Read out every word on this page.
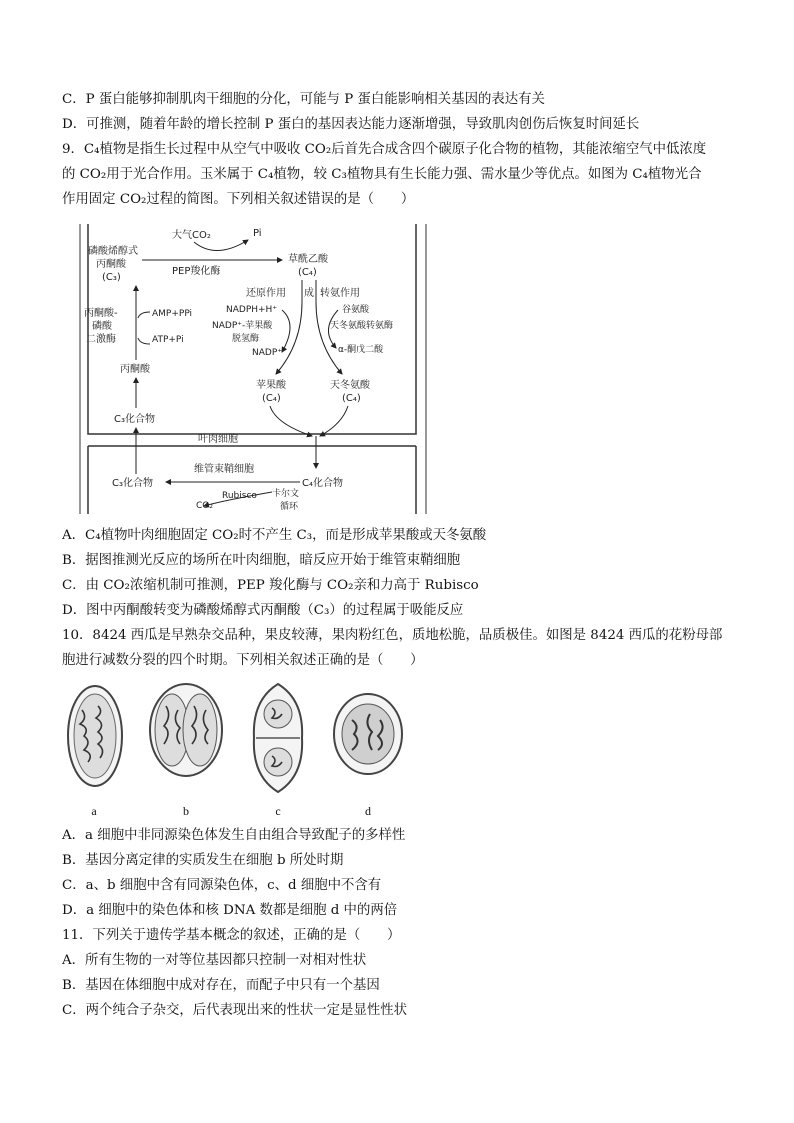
C．P 蛋白能够抑制肌肉干细胞的分化，可能与 P 蛋白能影响相关基因的表达有关
D．可推测，随着年龄的增长控制 P 蛋白的基因表达能力逐渐增强，导致肌肉创伤后恢复时间延长
9．C₄植物是指生长过程中从空气中吸收 CO₂后首先合成含四个碳原子化合物的植物，其能浓缩空气中低浓度
的 CO₂用于光合作用。玉米属于 C₄植物，较 C₃植物具有生长能力强、需水量少等优点。如图为 C₄植物光合
作用固定 CO₂过程的简图。下列相关叙述错误的是（　　）
大气CO₂	Pi
磷酸烯醇式
丙酮酸
(C₃)
PEP羧化酶
草酰乙酸
(C₄)
还原作用 成 转氨作用
NADPH+H⁺
NADP⁺-苹果酸
脱氢酶
NADP⁺
谷氨酸
天冬氨酸转氨酶
α-酮戊二酸
苹果酸
(C₄)
天冬氨酸
(C₄)
丙酮酸-
磷酸
二激酶
AMP+PPi
ATP+Pi
丙酮酸
C₃化合物
叶肉细胞
维管束鞘细胞
C₃化合物	C₄化合物
CO₂
Rubisco 卡尔文
循环
A．C₄植物叶肉细胞固定 CO₂时不产生 C₃，而是形成苹果酸或天冬氨酸
B．据图推测光反应的场所在叶肉细胞，暗反应开始于维管束鞘细胞
C．由 CO₂浓缩机制可推测，PEP 羧化酶与 CO₂亲和力高于 Rubisco
D．图中丙酮酸转变为磷酸烯醇式丙酮酸（C₃）的过程属于吸能反应
10．8424 西瓜是早熟杂交品种，果皮较薄，果肉粉红色，质地松脆，品质极佳。如图是 8424 西瓜的花粉母部
胞进行减数分裂的四个时期。下列相关叙述正确的是（　　）
a	b	c	d
A．a 细胞中非同源染色体发生自由组合导致配子的多样性
B．基因分离定律的实质发生在细胞 b 所处时期
C．a、b 细胞中含有同源染色体，c、d 细胞中不含有
D．a 细胞中的染色体和核 DNA 数都是细胞 d 中的两倍
11．下列关于遗传学基本概念的叙述，正确的是（　　）
A．所有生物的一对等位基因都只控制一对相对性状
B．基因在体细胞中成对存在，而配子中只有一个基因
C．两个纯合子杂交，后代表现出来的性状一定是显性性状
